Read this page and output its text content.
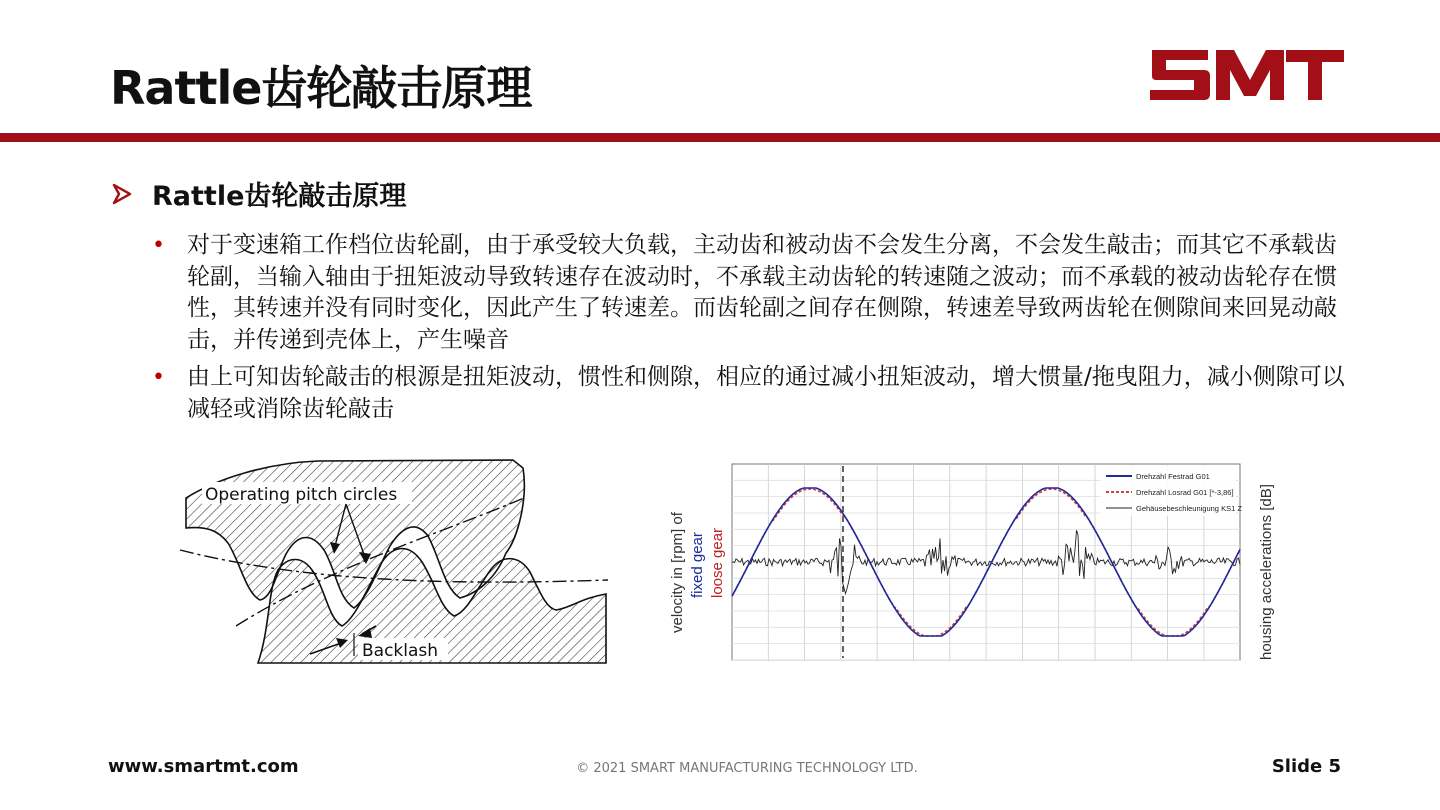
Rattle齿轮敲击原理
Rattle齿轮敲击原理
• 对于变速箱工作档位齿轮副，由于承受较大负载，主动齿和被动齿不会发生分离，不会发生敲击；而其它不承载齿轮副，当输入轴由于扭矩波动导致转速存在波动时，不承载主动齿轮的转速随之波动；而不承载的被动齿轮存在惯性，其转速并没有同时变化，因此产生了转速差。而齿轮副之间存在侧隙，转速差导致两齿轮在侧隙间来回晃动敲击，并传递到壳体上，产生噪音
• 由上可知齿轮敲击的根源是扭矩波动，惯性和侧隙，相应的通过减小扭矩波动，增大惯量/拖曳阻力，减小侧隙可以减轻或消除齿轮敲击
Operating pitch circles
Backlash
velocity in [rpm] of fixed gear loose gear
Drehzahl Festrad G01
Drehzahl Losrad G01 [*-3,86]
Gehäusebeschleunigung KS1 Z housing accelerations [dB]
www.smartmt.com	© 2021 SMART MANUFACTURING TECHNOLOGY LTD.	Slide 5
